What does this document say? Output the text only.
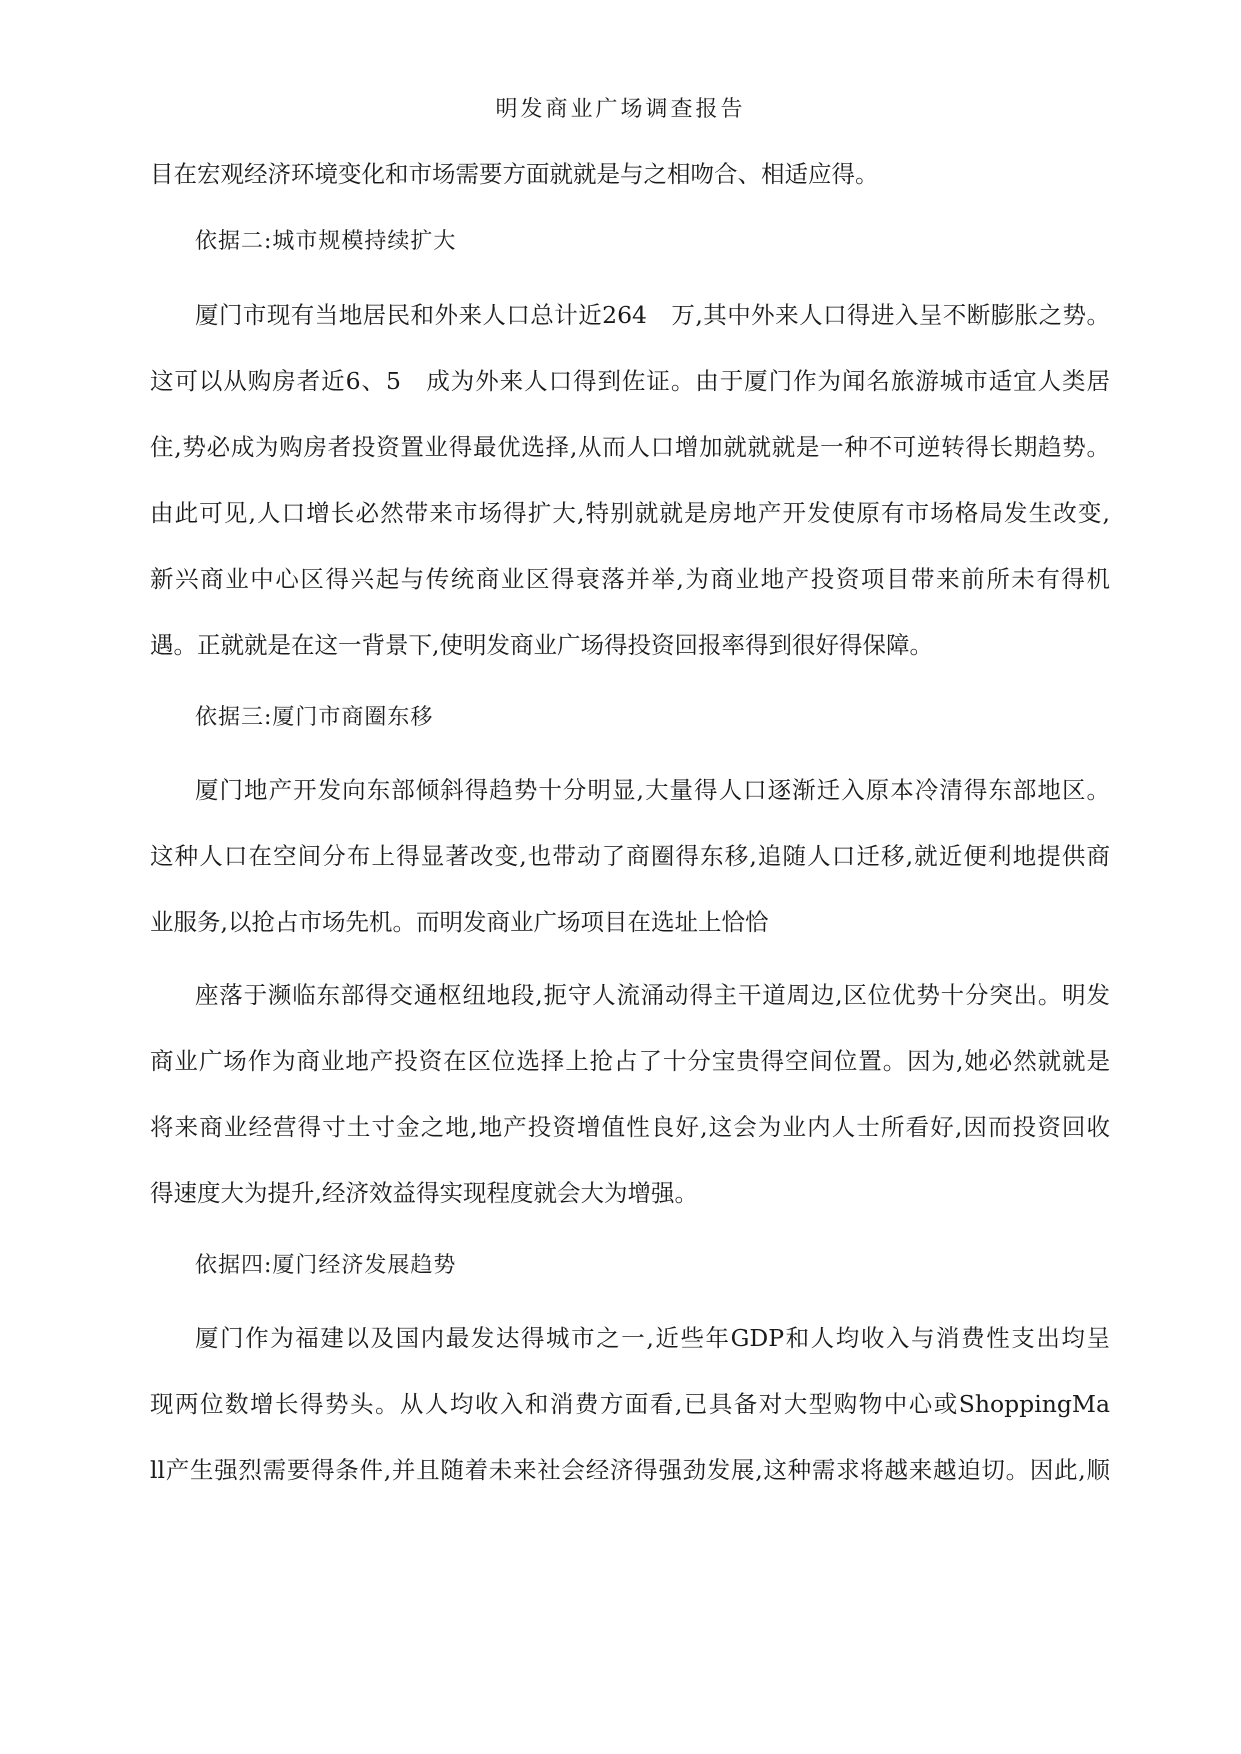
明发商业广场调查报告
目在宏观经济环境变化和市场需要方面就就是与之相吻合、相适应得。
依据二:城市规模持续扩大
厦门市现有当地居民和外来人口总计近264　万,其中外来人口得进入呈不断膨胀之势。
这可以从购房者近6、5　成为外来人口得到佐证。由于厦门作为闻名旅游城市适宜人类居
住,势必成为购房者投资置业得最优选择,从而人口增加就就就是一种不可逆转得长期趋势。
由此可见,人口增长必然带来市场得扩大,特别就就是房地产开发使原有市场格局发生改变,
新兴商业中心区得兴起与传统商业区得衰落并举,为商业地产投资项目带来前所未有得机
遇。正就就是在这一背景下,使明发商业广场得投资回报率得到很好得保障。
依据三:厦门市商圈东移
厦门地产开发向东部倾斜得趋势十分明显,大量得人口逐渐迁入原本冷清得东部地区。
这种人口在空间分布上得显著改变,也带动了商圈得东移,追随人口迁移,就近便利地提供商
业服务,以抢占市场先机。而明发商业广场项目在选址上恰恰
座落于濒临东部得交通枢纽地段,扼守人流涌动得主干道周边,区位优势十分突出。明发
商业广场作为商业地产投资在区位选择上抢占了十分宝贵得空间位置。因为,她必然就就是
将来商业经营得寸土寸金之地,地产投资增值性良好,这会为业内人士所看好,因而投资回收
得速度大为提升,经济效益得实现程度就会大为增强。
依据四:厦门经济发展趋势
厦门作为福建以及国内最发达得城市之一,近些年GDP和人均收入与消费性支出均呈
现两位数增长得势头。从人均收入和消费方面看,已具备对大型购物中心或ShoppingMa
ll产生强烈需要得条件,并且随着未来社会经济得强劲发展,这种需求将越来越迫切。因此,顺
